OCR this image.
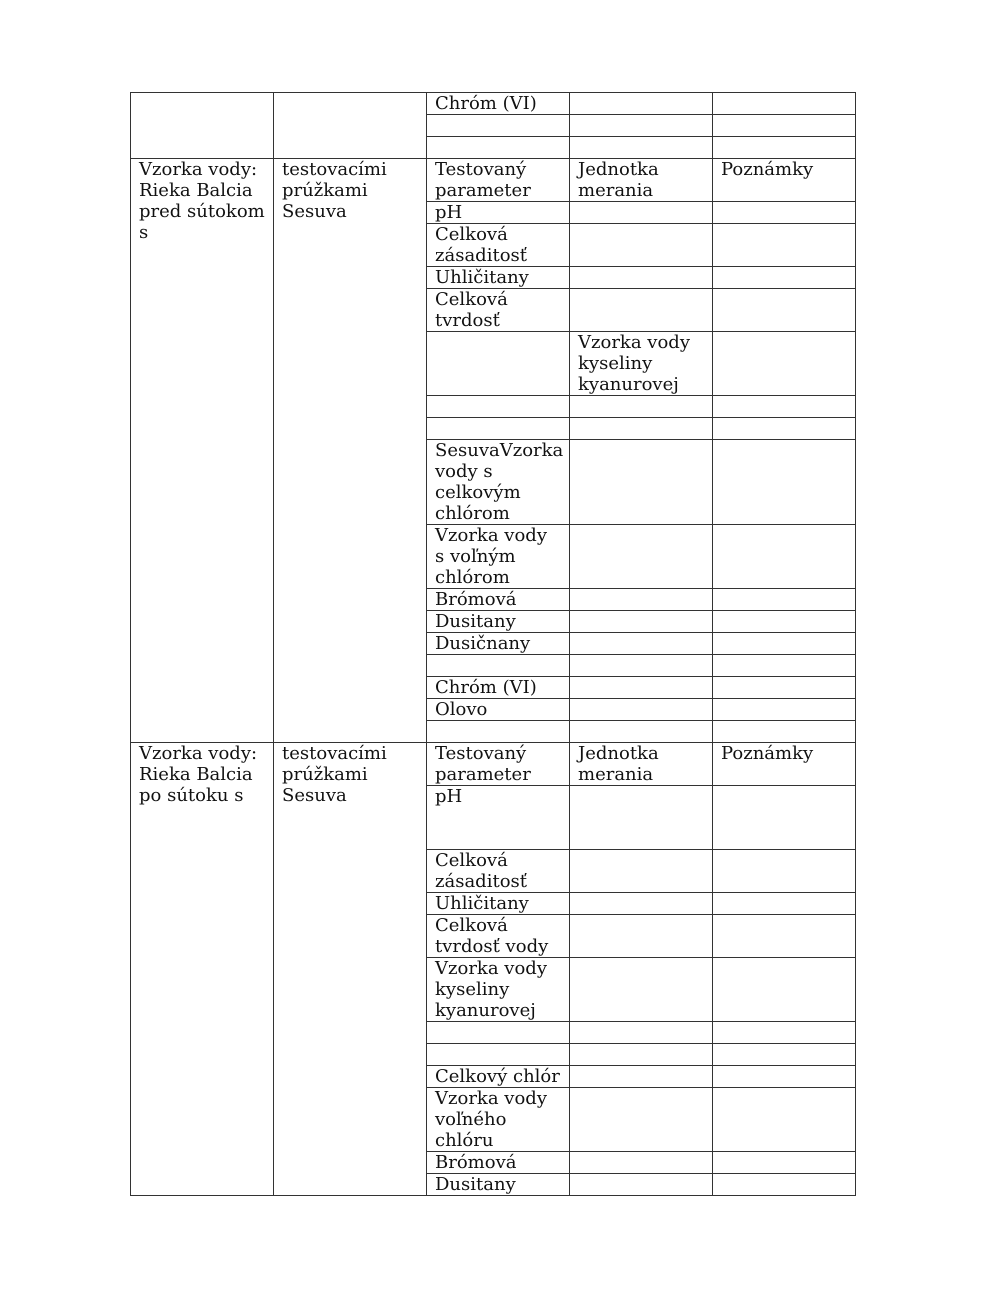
		Chróm (VI)		

Vzorka vody: Rieka Balcia pred sútokom s	testovacími prúžkami Sesuva	Testovaný parameter	Jednotka merania	Poznámky
		pH		
		Celková zásaditosť		
		Uhličitany		
		Celková tvrdosť		
			Vzorka vody kyseliny kyanurovej	

		SesuvaVzorka vody s celkovým chlórom		
		Vzorka vody s voľným chlórom		
		Brómová		
		Dusitany		
		Dusičnany		

		Chróm (VI)		
		Olovo		

Vzorka vody: Rieka Balcia po sútoku s	testovacími prúžkami Sesuva	Testovaný parameter	Jednotka merania	Poznámky
		pH		
		Celková zásaditosť		
		Uhličitany		
		Celková tvrdosť vody		
		Vzorka vody kyseliny kyanurovej		

		Celkový chlór		
		Vzorka vody voľného chlóru		
		Brómová		
		Dusitany		
